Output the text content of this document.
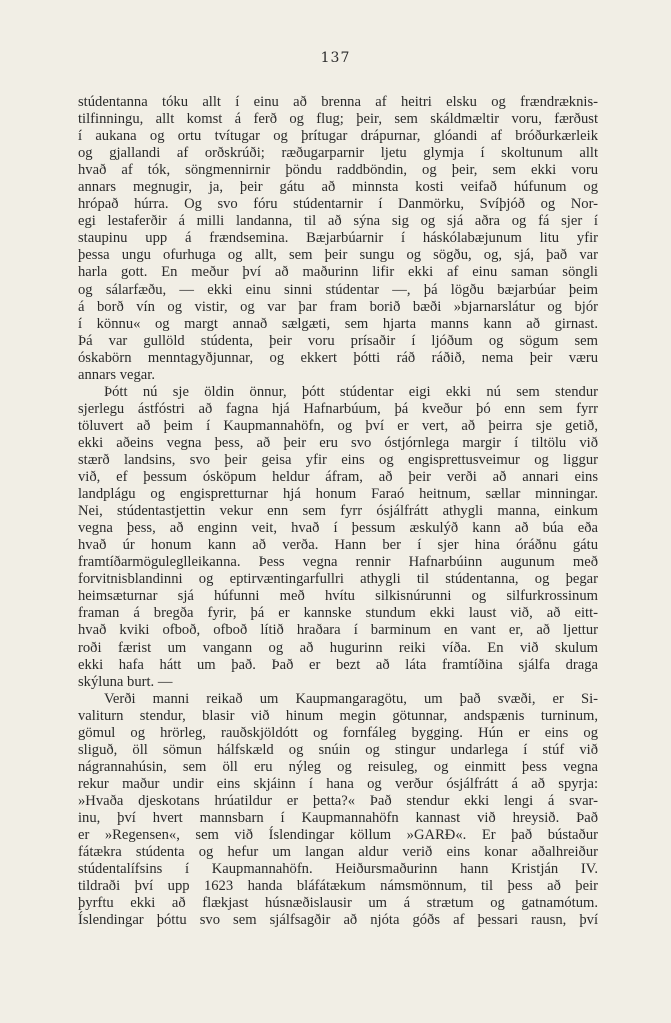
137
stúdentanna tóku allt í einu að brenna af heitri elsku og frændræknis-
tilfinningu, allt komst á ferð og flug; þeir, sem skáldmæltir voru, færðust
í aukana og ortu tvítugar og þrítugar drápurnar, glóandi af bróðurkærleik
og gjallandi af orðskrúði; ræðugarparnir ljetu glymja í skoltunum allt
hvað af tók, söngmennirnir þöndu raddböndin, og þeir, sem ekki voru
annars megnugir, ja, þeir gátu að minnsta kosti veifað húfunum og
hrópað húrra. Og svo fóru stúdentarnir í Danmörku, Svíþjóð og Nor-
egi lestaferðir á milli landanna, til að sýna sig og sjá aðra og fá sjer í
staupinu upp á frændsemina. Bæjarbúarnir í háskólabæjunum litu yfir
þessa ungu ofurhuga og allt, sem þeir sungu og sögðu, og, sjá, það var
harla gott. En meður því að maðurinn lifir ekki af einu saman söngli
og sálarfæðu, — ekki einu sinni stúdentar —, þá lögðu bæjarbúar þeim
á borð vín og vistir, og var þar fram borið bæði »bjarnarslátur og bjór
í könnu« og margt annað sælgæti, sem hjarta manns kann að girnast.
Þá var gullöld stúdenta, þeir voru prísaðir í ljóðum og sögum sem
óskabörn menntagyðjunnar, og ekkert þótti ráð ráðið, nema þeir væru
annars vegar.
Þótt nú sje öldin önnur, þótt stúdentar eigi ekki nú sem stendur
sjerlegu ástfóstri að fagna hjá Hafnarbúum, þá kveður þó enn sem fyrr
töluvert að þeim í Kaupmannahöfn, og því er vert, að þeirra sje getið,
ekki aðeins vegna þess, að þeir eru svo óstjórnlega margir í tiltölu við
stærð landsins, svo þeir geisa yfir eins og engisprettusveimur og liggur
við, ef þessum ósköpum heldur áfram, að þeir verði að annari eins
landplágu og engispretturnar hjá honum Faraó heitnum, sællar minningar.
Nei, stúdentastjettin vekur enn sem fyrr ósjálfrátt athygli manna, einkum
vegna þess, að enginn veit, hvað í þessum æskulýð kann að búa eða
hvað úr honum kann að verða. Hann ber í sjer hina óráðnu gátu
framtíðarmöguleglleikanna. Þess vegna rennir Hafnarbúinn augunum með
forvitnisblandinni og eptirvæntingarfullri athygli til stúdentanna, og þegar
heimsæturnar sjá húfunni með hvítu silkisnúrunni og silfurkrossinum
framan á bregða fyrir, þá er kannske stundum ekki laust við, að eitt-
hvað kviki ofboð, ofboð lítið hraðara í barminum en vant er, að ljettur
roði færist um vangann og að hugurinn reiki víða. En við skulum
ekki hafa hátt um það. Það er bezt að láta framtíðina sjálfa draga
skýluna burt. —
Verði manni reikað um Kaupmangaragötu, um það svæði, er Si-
valiturn stendur, blasir við hinum megin götunnar, andspænis turninum,
gömul og hrörleg, rauðskjöldótt og fornfáleg bygging. Hún er eins og
sliguð, öll sömun hálfskæld og snúin og stingur undarlega í stúf við
nágrannahúsin, sem öll eru nýleg og reisuleg, og einmitt þess vegna
rekur maður undir eins skjáinn í hana og verður ósjálfrátt á að spyrja:
»Hvaða djeskotans hrúatildur er þetta?« Það stendur ekki lengi á svar-
inu, því hvert mannsbarn í Kaupmannahöfn kannast við hreysið. Það
er »Regensen«, sem við Íslendingar köllum »GARÐ«. Er það bústaður
fátækra stúdenta og hefur um langan aldur verið eins konar aðalhreiður
stúdentalífsins í Kaupmannahöfn. Heiðursmaðurinn hann Kristján IV.
tildraði því upp 1623 handa bláfátækum námsmönnum, til þess að þeir
þyrftu ekki að flækjast húsnæðislausir um á strætum og gatnamótum.
Íslendingar þóttu svo sem sjálfsagðir að njóta góðs af þessari rausn, því
